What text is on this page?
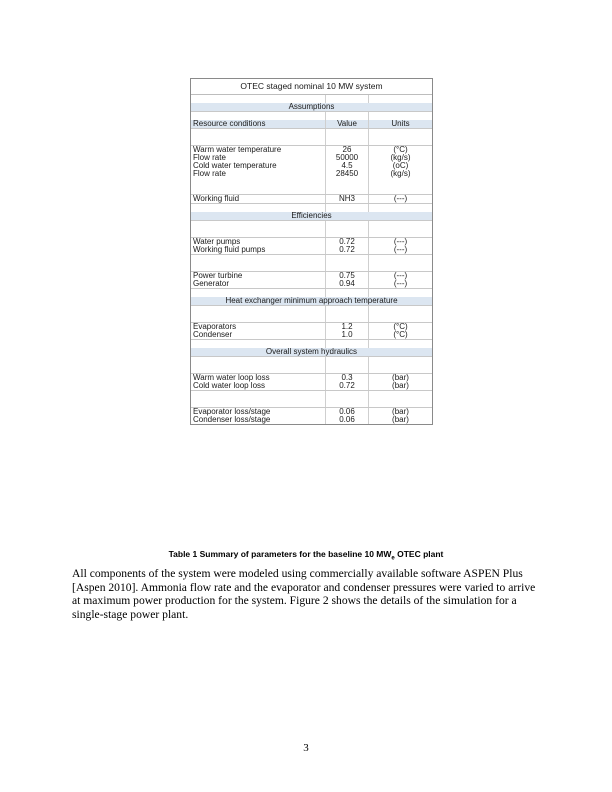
OTEC staged nominal 10 MW system
Assumptions
Resource conditions	Value	Units
Warm water temperature	26	(°C)
Flow rate	50000	(kg/s)
Cold water temperature	4.5	(oC)
Flow rate	28450	(kg/s)
Working fluid	NH3	(---)
Efficiencies
Water pumps	0.72	(---)
Working fluid pumps	0.72	(---)
Power turbine	0.75	(---)
Generator	0.94	(---)
Heat exchanger minimum approach temperature
Evaporators	1.2	(°C)
Condenser	1.0	(°C)
Overall system hydraulics
Warm water loop loss	0.3	(bar)
Cold water loop loss	0.72	(bar)
Evaporator loss/stage	0.06	(bar)
Condenser loss/stage	0.06	(bar)
Table 1 Summary of parameters for the baseline 10 $MW_e$ OTEC plant
All components of the system were modeled using commercially available software ASPEN Plus [Aspen 2010]. Ammonia flow rate and the evaporator and condenser pressures were varied to arrive at maximum power production for the system. Figure 2 shows the details of the simulation for a single-stage power plant.
3
